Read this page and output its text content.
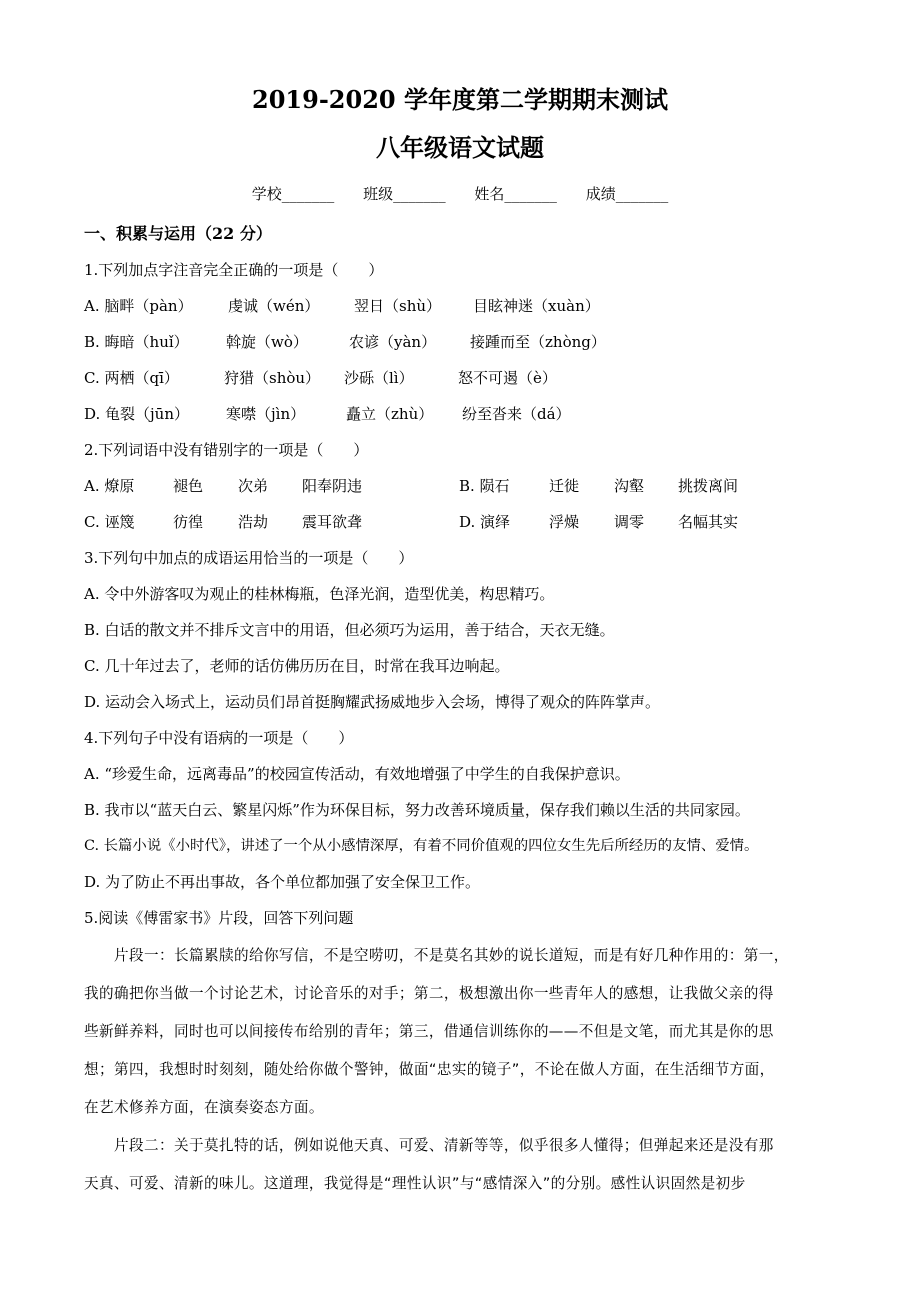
2019-2020 学年度第二学期期末测试
八年级语文试题
学校_______ 班级_______ 姓名_______ 成绩_______
一、积累与运用（22 分）
1.下列加点字注音完全正确的一项是（　　）
A. 脑畔（pàn） 虔诚（wén） 翌日（shù） 目眩神迷（xuàn）
B. 晦暗（huǐ） 斡旋（wò）	农谚（yàn） 接踵而至（zhòng）
C. 两栖（qī）	狩猎（shòu） 沙砾（lì）	怒不可遏（è）
D. 龟裂（jūn） 寒噤（jìn）	矗立（zhù） 纷至沓来（dá）
2.下列词语中没有错别字的一项是（　　）
A. 燎原	褪色 次弟 阳奉阴违	B. 陨石	迁徙 沟壑 挑拨离间
C. 诬篾	彷徨 浩劫 震耳欲聋	D. 演绎	浮燥 调零 名幅其实
3.下列句中加点的成语运用恰当的一项是（　　）
A. 令中外游客叹为观止的桂林梅瓶，色泽光润，造型优美，构思精巧。
B. 白话的散文并不排斥文言中的用语，但必须巧为运用，善于结合，天衣无缝。
C. 几十年过去了，老师的话仿佛历历在目，时常在我耳边响起。
D. 运动会入场式上，运动员们昂首挺胸耀武扬威地步入会场，博得了观众的阵阵掌声。
4.下列句子中没有语病的一项是（　　）
A. “珍爱生命，远离毒品”的校园宣传活动，有效地增强了中学生的自我保护意识。
B. 我市以“蓝天白云、繁星闪烁”作为环保目标，努力改善环境质量，保存我们赖以生活的共同家园。
C. 长篇小说《小时代》，讲述了一个从小感情深厚，有着不同价值观的四位女生先后所经历的友情、爱情。
D. 为了防止不再出事故，各个单位都加强了安全保卫工作。
5.阅读《傅雷家书》片段，回答下列问题
片段一：长篇累牍的给你写信，不是空唠叨，不是莫名其妙的说长道短，而是有好几种作用的：第一，
我的确把你当做一个讨论艺术，讨论音乐的对手；第二，极想激出你一些青年人的感想，让我做父亲的得
些新鲜养料，同时也可以间接传布给别的青年；第三，借通信训练你的——不但是文笔，而尤其是你的思
想；第四，我想时时刻刻，随处给你做个警钟，做面“忠实的镜子”，不论在做人方面，在生活细节方面，
在艺术修养方面，在演奏姿态方面。
片段二：关于莫扎特的话，例如说他天真、可爱、清新等等，似乎很多人懂得；但弹起来还是没有那
天真、可爱、清新的味儿。这道理，我觉得是“理性认识”与“感情深入”的分别。感性认识固然是初步
